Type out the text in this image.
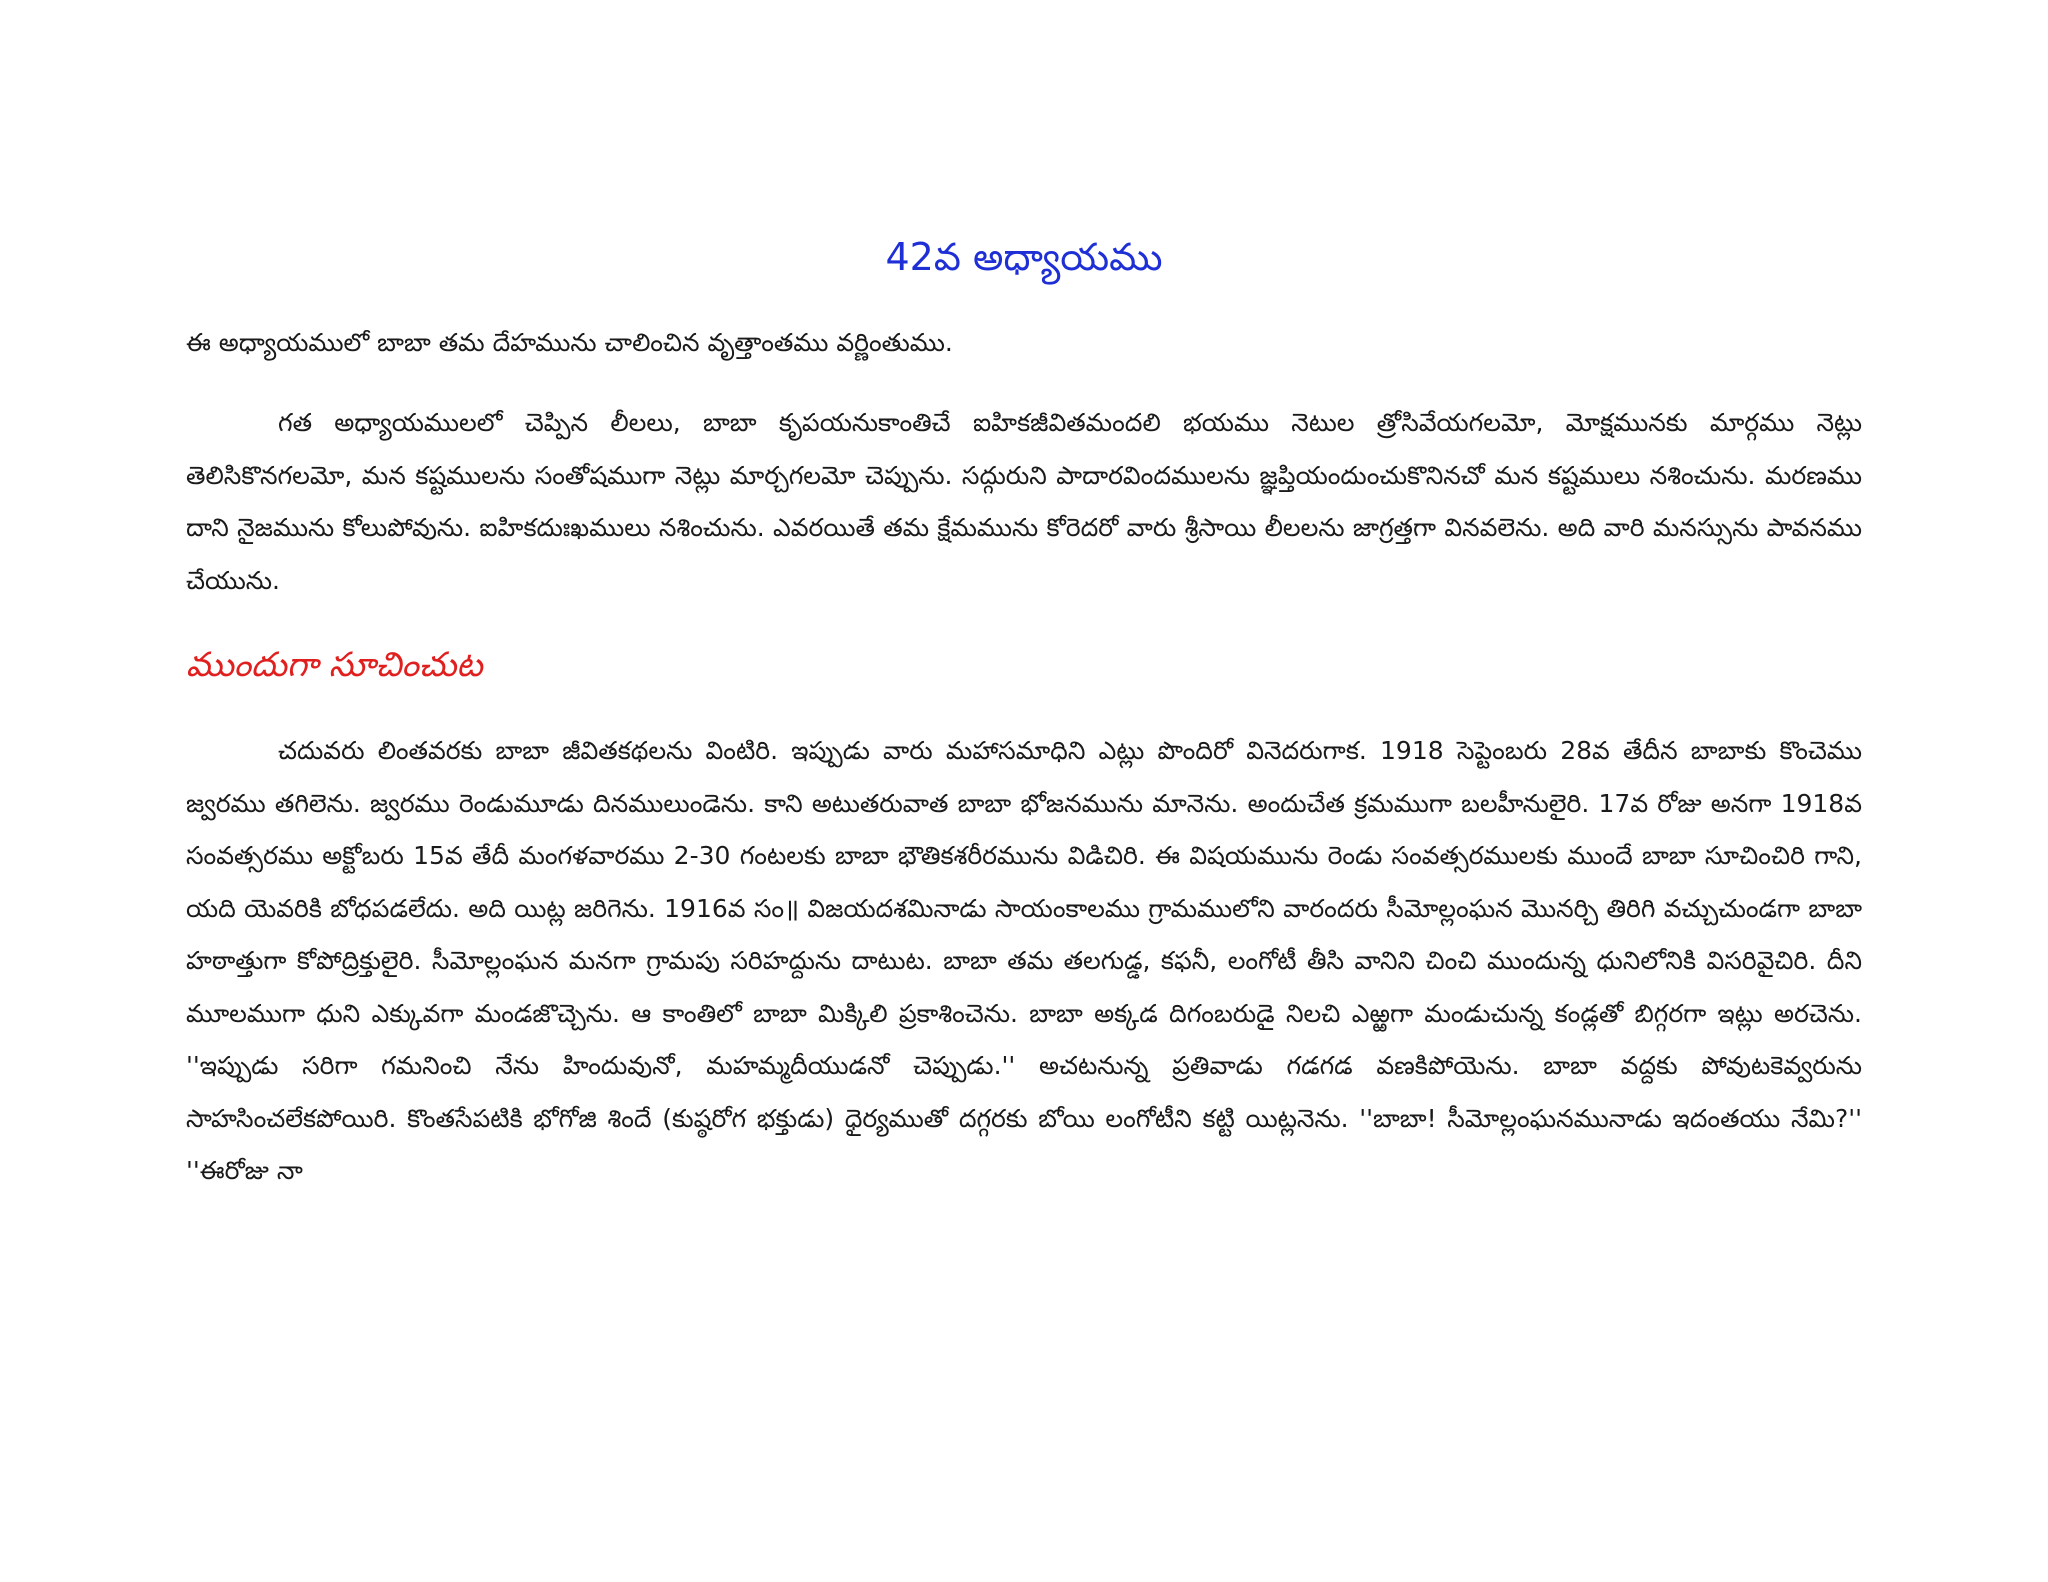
42వ అధ్యాయము

ఈ అధ్యాయములో బాబా తమ దేహమును చాలించిన వృత్తాంతము వర్ణింతుము.

గత అధ్యాయములలో చెప్పిన లీలలు, బాబా కృపయనుకాంతిచే ఐహికజీవితమందలి భయము నెటుల త్రోసివేయగలమో, మోక్షమునకు మార్గము నెట్లు తెలిసికొనగలమో, మన కష్టములను సంతోషముగా నెట్లు మార్చగలమో చెప్పును. సద్గురుని పాదారవిందములను జ్ఞప్తియందుంచుకొనినచో మన కష్టములు నశించును. మరణము దాని నైజమును కోలుపోవును. ఐహికదుఃఖములు నశించును. ఎవరయితే తమ క్షేమమును కోరెదరో వారు శ్రీసాయి లీలలను జాగ్రత్తగా వినవలెను. అది వారి మనస్సును పావనము చేయును.

ముందుగా సూచించుట

చదువరు లింతవరకు బాబా జీవితకథలను వింటిరి. ఇప్పుడు వారు మహాసమాధిని ఎట్లు పొందిరో వినెదరుగాక. 1918 సెప్టెంబరు 28వ తేదీన బాబాకు కొంచెము జ్వరము తగిలెను. జ్వరము రెండుమూడు దినములుండెను. కాని అటుతరువాత బాబా భోజనమును మానెను. అందుచేత క్రమముగా బలహీనులైరి. 17వ రోజు అనగా 1918వ సంవత్సరము అక్టోబరు 15వ తేదీ మంగళవారము 2-30 గంటలకు బాబా భౌతికశరీరమును విడిచిరి. ఈ విషయమును రెండు సంవత్సరములకు ముందే బాబా సూచించిరి గాని, యది యెవరికి బోధపడలేదు. అది యిట్ల జరిగెను. 1916వ సం॥ విజయదశమినాడు సాయంకాలము గ్రామములోని వారందరు సీమోల్లంఘన మొనర్చి తిరిగి వచ్చుచుండగా బాబా హఠాత్తుగా కోపోద్రిక్తులైరి. సీమోల్లంఘన మనగా గ్రామపు సరిహద్దును దాటుట. బాబా తమ తలగుడ్డ, కఫనీ, లంగోటీ తీసి వానిని చించి ముందున్న ధునిలోనికి విసరివైచిరి. దీని మూలముగా ధుని ఎక్కువగా మండజొచ్చెను. ఆ కాంతిలో బాబా మిక్కిలి ప్రకాశించెను. బాబా అక్కడ దిగంబరుడై నిలచి ఎఱ్ఱగా మండుచున్న కండ్లతో బిగ్గరగా ఇట్లు అరచెను. ''ఇప్పుడు సరిగా గమనించి నేను హిందువునో, మహమ్మదీయుడనో చెప్పుడు.'' అచటనున్న ప్రతివాడు గడగడ వణకిపోయెను. బాబా వద్దకు పోవుటకెవ్వరును సాహసించలేకపోయిరి. కొంతసేపటికి భోగోజి శిందే (కుష్ఠరోగ భక్తుడు) ధైర్యముతో దగ్గరకు బోయి లంగోటీని కట్టి యిట్లనెను. ''బాబా! సీమోల్లంఘనమునాడు ఇదంతయు నేమి?'' ''ఈరోజు నా
